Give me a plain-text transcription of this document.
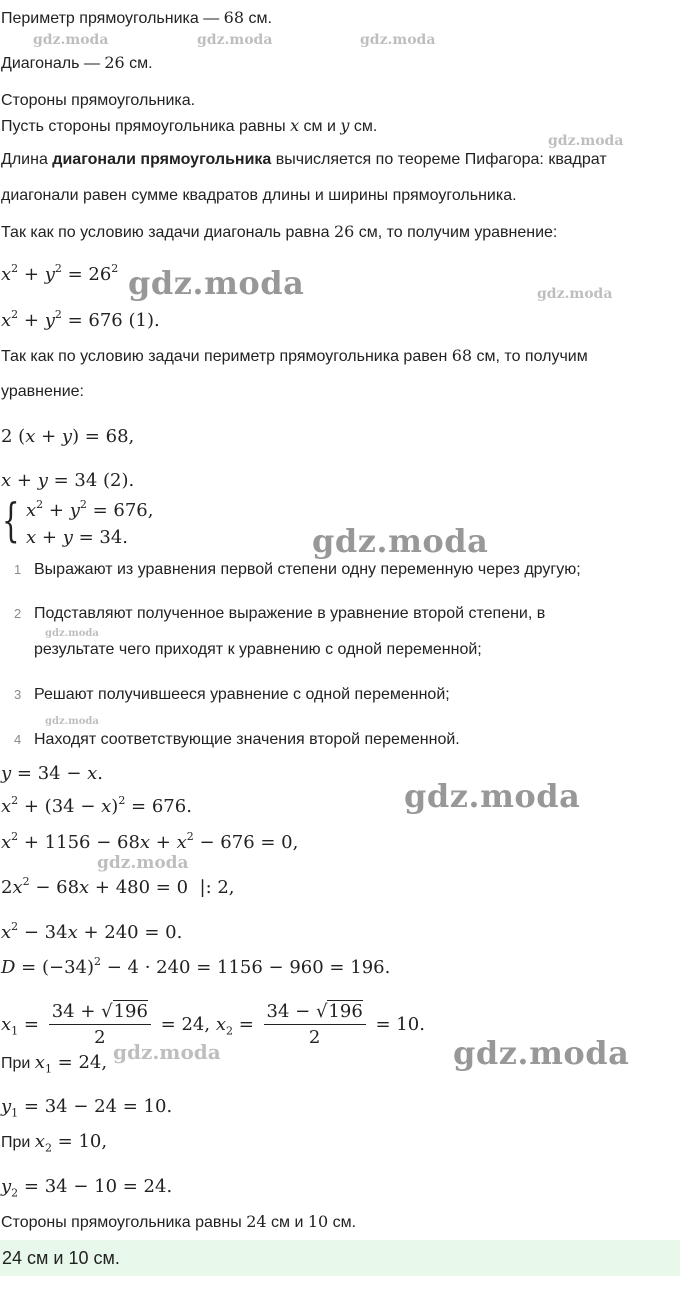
gdz.moda	gdz.moda	gdz.moda
gdz.moda
gdz.moda	gdz.moda
gdz.moda
gdz.moda
gdz.moda
gdz.moda
gdz.moda
gdz.moda
gdz.moda
Периметр прямоугольника — 68 см.
Диагональ — 26 см.
Стороны прямоугольника.
Пусть стороны прямоугольника равны x см и y см.
Длина диагонали прямоугольника вычисляется по теореме Пифагора: квадрат
диагонали равен сумме квадратов длины и ширины прямоугольника.
Так как по условию задачи диагональ равна 26 см, то получим уравнение:
$x^2 + y^2 = 26^2$
$x^2 + y^2 = 676$ (1).
Так как по условию задачи периметр прямоугольника равен 68 см, то получим
уравнение:
2 (x + y) = 68,
x + y = 34 (2).
{ $x^2 + y^2 = 676$,
x + y = 34.
1 Выражают из уравнения первой степени одну переменную через другую;
2 Подставляют полученное выражение в уравнение второй степени, в
результате чего приходят к уравнению с одной переменной;
3 Решают получившееся уравнение с одной переменной;
4 Находят соответствующие значения второй переменной.
y = 34 − x.
$x^2 + (34 - x)^2 = 676$.
$x^2 + 1156 - 68x + x^2 - 676 = 0$,
$2x^2 - 68x + 480 = 0$  |: 2,
$x^2 - 34x + 240 = 0$.
$D = (-34)^2 - 4 \cdot 240 = 1156 - 960 = 196$.
$x_1 = \frac{34 + √196}{2} = 24$, $x_2 = \frac{34 - √196}{2} = 10$.
При $x_1 = 24$,
$y_1 = 34 - 24 = 10$.
При $x_2 = 10$,
$y_2 = 34 - 10 = 24$.
Стороны прямоугольника равны 24 см и 10 см.
24 см и 10 см.
